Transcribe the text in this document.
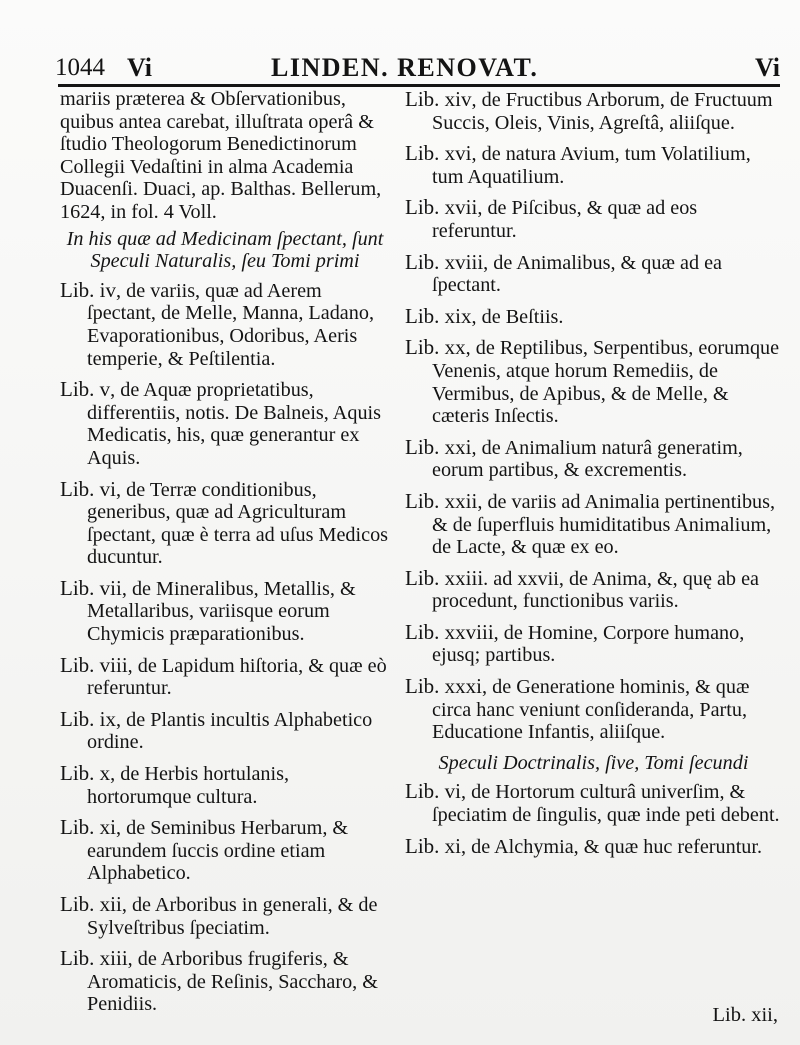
1044 Vi	LINDEN. RENOVAT.	Vi

mariis præterea & Obſervationibus, quibus antea carebat, illuſtrata operâ & ſtudio Theologorum Benedictinorum Collegii Vedaſtini in alma Academia Duacenſi. Duaci, ap. Balthas. Bellerum, 1624, in fol. 4 Voll.

In his quæ ad Medicinam ſpectant, ſunt Speculi Naturalis, ſeu Tomi primi

Lib. iv, de variis, quæ ad Aerem ſpectant, de Melle, Manna, Ladano, Evaporationibus, Odoribus, Aeris temperie, & Peſtilentia.

Lib. v, de Aquæ proprietatibus, differentiis, notis. De Balneis, Aquis Medicatis, his, quæ generantur ex Aquis.

Lib. vi, de Terræ conditionibus, generibus, quæ ad Agriculturam ſpectant, quæ è terra ad uſus Medicos ducuntur.

Lib. vii, de Mineralibus, Metallis, & Metallaribus, variisque eorum Chymicis præparationibus.

Lib. viii, de Lapidum hiſtoria, & quæ eò referuntur.

Lib. ix, de Plantis incultis Alphabetico ordine.

Lib. x, de Herbis hortulanis, hortorumque cultura.

Lib. xi, de Seminibus Herbarum, & earundem ſuccis ordine etiam Alphabetico.

Lib. xii, de Arboribus in generali, & de Sylveſtribus ſpeciatim.

Lib. xiii, de Arboribus frugiferis, & Aromaticis, de Reſinis, Saccharo, & Penidiis.

Lib. xiv, de Fructibus Arborum, de Fructuum Succis, Oleis, Vinis, Agreſtâ, aliiſque.

Lib. xvi, de natura Avium, tum Volatilium, tum Aquatilium.

Lib. xvii, de Piſcibus, & quæ ad eos referuntur.

Lib. xviii, de Animalibus, & quæ ad ea ſpectant.

Lib. xix, de Beſtiis.

Lib. xx, de Reptilibus, Serpentibus, eorumque Venenis, atque horum Remediis, de Vermibus, de Apibus, & de Melle, & cæteris Inſectis.

Lib. xxi, de Animalium naturâ generatim, eorum partibus, & excrementis.

Lib. xxii, de variis ad Animalia pertinentibus, & de ſuperfluis humiditatibus Animalium, de Lacte, & quæ ex eo.

Lib. xxiii. ad xxvii, de Anima, &, quę ab ea procedunt, functionibus variis.

Lib. xxviii, de Homine, Corpore humano, ejusq; partibus.

Lib. xxxi, de Generatione hominis, & quæ circa hanc veniunt conſideranda, Partu, Educatione Infantis, aliiſque.

Speculi Doctrinalis, ſive, Tomi ſecundi

Lib. vi, de Hortorum culturâ univerſim, & ſpeciatim de ſingulis, quæ inde peti debent.

Lib. xi, de Alchymia, & quæ huc referuntur.

Lib. xii,
